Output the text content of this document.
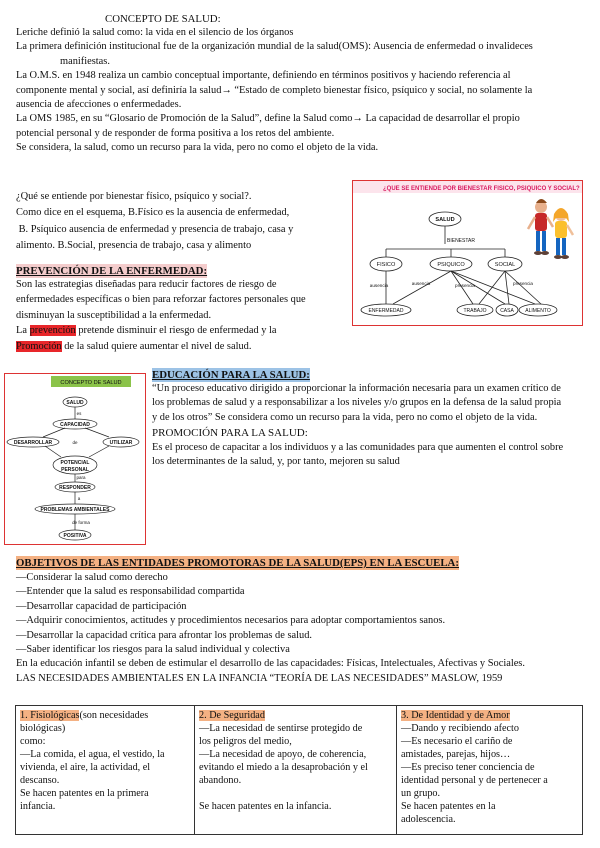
CONCEPTO DE SALUD:
Leriche definió la salud como: la vida en el silencio de los órganos
La primera definición institucional fue de la organización mundial de la salud(OMS): Ausencia de enfermedad o invalideces
manifiestas.
La O.M.S. en 1948 realiza un cambio conceptual importante, definiendo en términos positivos y haciendo referencia al
componente mental y social, así definiría la salud→ “Estado de completo bienestar físico, psíquico y social, no solamente la
ausencia de afecciones o enfermedades.
La OMS 1985, en su “Glosario de Promoción de la Salud”, define la Salud como→ La capacidad de desarrollar el propio
potencial personal y de responder de forma positiva a los retos del ambiente.
Se considera, la salud, como un recurso para la vida, pero no como el objeto de la vida.
¿Qué se entiende por bienestar físico, psíquico y social?.
Como dice en el esquema, B.Físico es la ausencia de enfermedad,
B. Psíquico ausencia de enfermedad y presencia de trabajo, casa y
alimento. B.Social, presencia de trabajo, casa y alimento
¿QUE SE ENTIENDE POR BIENESTAR FISICO, PSIQUICO Y SOCIAL?
SALUD
BIENESTAR
FISICO	PSIQUICO	SOCIAL
ausencia	ausencia	presencia	presencia
ENFERMEDAD	TRABAJO	CASA ALIMENTO
PREVENCIÓN DE LA ENFERMEDAD:
Son las estrategias diseñadas para reducir factores de riesgo de
enfermedades específicas o bien para reforzar factores personales que
disminuyan la susceptibilidad a la enfermedad.
La prevención pretende disminuir el riesgo de enfermedad y la
Promoción de la salud quiere aumentar el nivel de salud.
CONCEPTO DE SALUD
SALUD
es
CAPACIDAD
DESARROLLAR	de	UTILIZAR
POTENCIAL
PERSONAL
para
RESPONDER
a
PROBLEMAS AMBIENTALES
de forma
POSITIVA
EDUCACIÓN PARA LA SALUD:
“Un proceso educativo dirigido a proporcionar la información necesaria para un examen crítico de
los problemas de salud y a responsabilizar a los niveles y/o grupos en la defensa de la salud propia
y de los otros” Se considera como un recurso para la vida, pero no como el objeto de la vida.
PROMOCIÓN PARA LA SALUD:
Es el proceso de capacitar a los individuos y a las comunidades para que aumenten el control sobre
los determinantes de la salud, y, por tanto, mejoren su salud
OBJETIVOS DE LAS ENTIDADES PROMOTORAS DE LA SALUD(EPS) EN LA ESCUELA:
—Considerar la salud como derecho
—Entender que la salud es responsabilidad compartida
—Desarrollar capacidad de participación
—Adquirir conocimientos, actitudes y procedimientos necesarios para adoptar comportamientos sanos.
—Desarrollar la capacidad crítica para afrontar los problemas de salud.
—Saber identificar los riesgos para la salud individual y colectiva
En la educación infantil se deben de estimular el desarrollo de las capacidades: Físicas, Intelectuales, Afectivas y Sociales.
LAS NECESIDADES AMBIENTALES EN LA INFANCIA “TEORÍA DE LAS NECESIDADES” MASLOW, 1959
1. Fisiológicas(son necesidades
biológicas)
como:
—La comida, el agua, el vestido, la
vivienda, el aire, la actividad, el
descanso.
Se hacen patentes en la primera
infancia.

2. De Seguridad
—La necesidad de sentirse protegido de
los peligros del medio,
—La necesidad de apoyo, de coherencia,
evitando el miedo a la desaprobación y el
abandono.
Se hacen patentes en la infancia.

3. De Identidad y de Amor
—Dando y recibiendo afecto
—Es necesario el cariño de
amistades, parejas, hijos…
—Es preciso tener conciencia de
identidad personal y de pertenecer a
un grupo.
Se hacen patentes en la
adolescencia.
